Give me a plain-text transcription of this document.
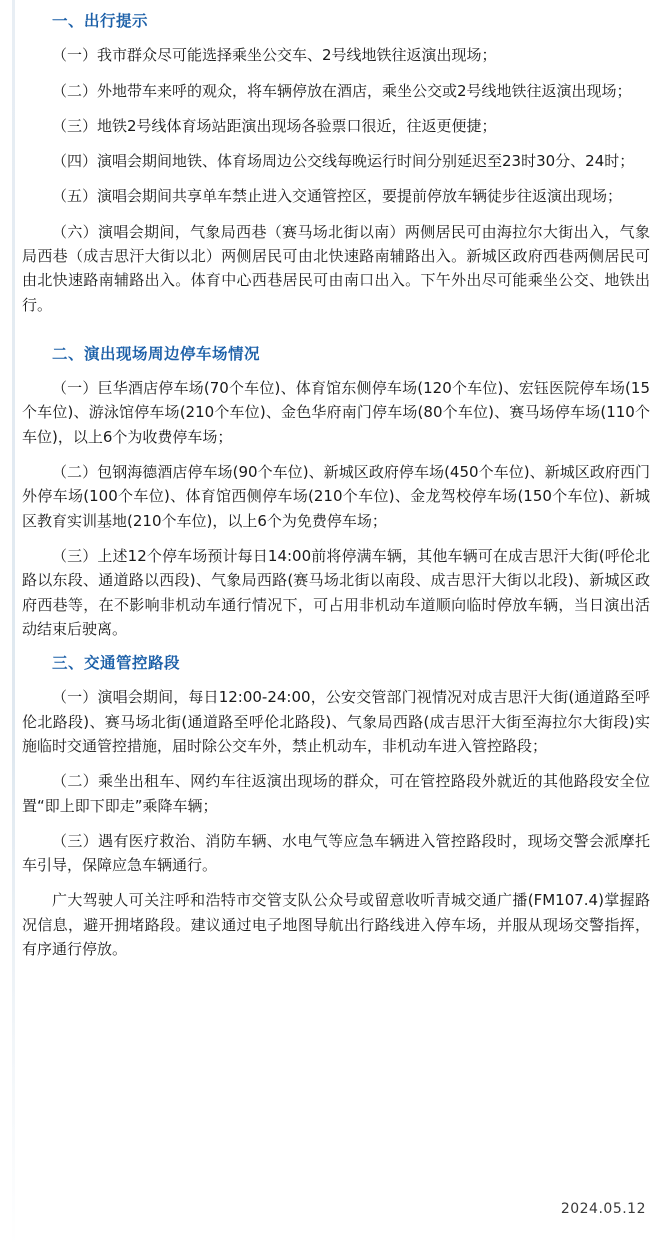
一、出行提示

（一）我市群众尽可能选择乘坐公交车、2号线地铁往返演出现场；

（二）外地带车来呼的观众，将车辆停放在酒店，乘坐公交或2号线地铁往返演出现场；

（三）地铁2号线体育场站距演出现场各验票口很近，往返更便捷；

（四）演唱会期间地铁、体育场周边公交线每晚运行时间分别延迟至23时30分、24时；

（五）演唱会期间共享单车禁止进入交通管控区，要提前停放车辆徒步往返演出现场；

（六）演唱会期间，气象局西巷（赛马场北街以南）两侧居民可由海拉尔大街出入，气象局西巷（成吉思汗大街以北）两侧居民可由北快速路南辅路出入。新城区政府西巷两侧居民可由北快速路南辅路出入。体育中心西巷居民可由南口出入。下午外出尽可能乘坐公交、地铁出行。

二、演出现场周边停车场情况

（一）巨华酒店停车场(70个车位)、体育馆东侧停车场(120个车位)、宏钰医院停车场(15个车位)、游泳馆停车场(210个车位)、金色华府南门停车场(80个车位)、赛马场停车场(110个车位)，以上6个为收费停车场；

（二）包钢海德酒店停车场(90个车位)、新城区政府停车场(450个车位)、新城区政府西门外停车场(100个车位)、体育馆西侧停车场(210个车位)、金龙驾校停车场(150个车位)、新城区教育实训基地(210个车位)，以上6个为免费停车场；

（三）上述12个停车场预计每日14:00前将停满车辆，其他车辆可在成吉思汗大街(呼伦北路以东段、通道路以西段)、气象局西路(赛马场北街以南段、成吉思汗大街以北段)、新城区政府西巷等，在不影响非机动车通行情况下，可占用非机动车道顺向临时停放车辆，当日演出活动结束后驶离。

三、交通管控路段

（一）演唱会期间，每日12:00-24:00，公安交管部门视情况对成吉思汗大街(通道路至呼伦北路段)、赛马场北街(通道路至呼伦北路段)、气象局西路(成吉思汗大街至海拉尔大街段)实施临时交通管控措施，届时除公交车外，禁止机动车，非机动车进入管控路段；

（二）乘坐出租车、网约车往返演出现场的群众，可在管控路段外就近的其他路段安全位置“即上即下即走”乘降车辆；

（三）遇有医疗救治、消防车辆、水电气等应急车辆进入管控路段时，现场交警会派摩托车引导，保障应急车辆通行。

广大驾驶人可关注呼和浩特市交管支队公众号或留意收听青城交通广播(FM107.4)掌握路况信息，避开拥堵路段。建议通过电子地图导航出行路线进入停车场，并服从现场交警指挥，有序通行停放。

2024.05.12
